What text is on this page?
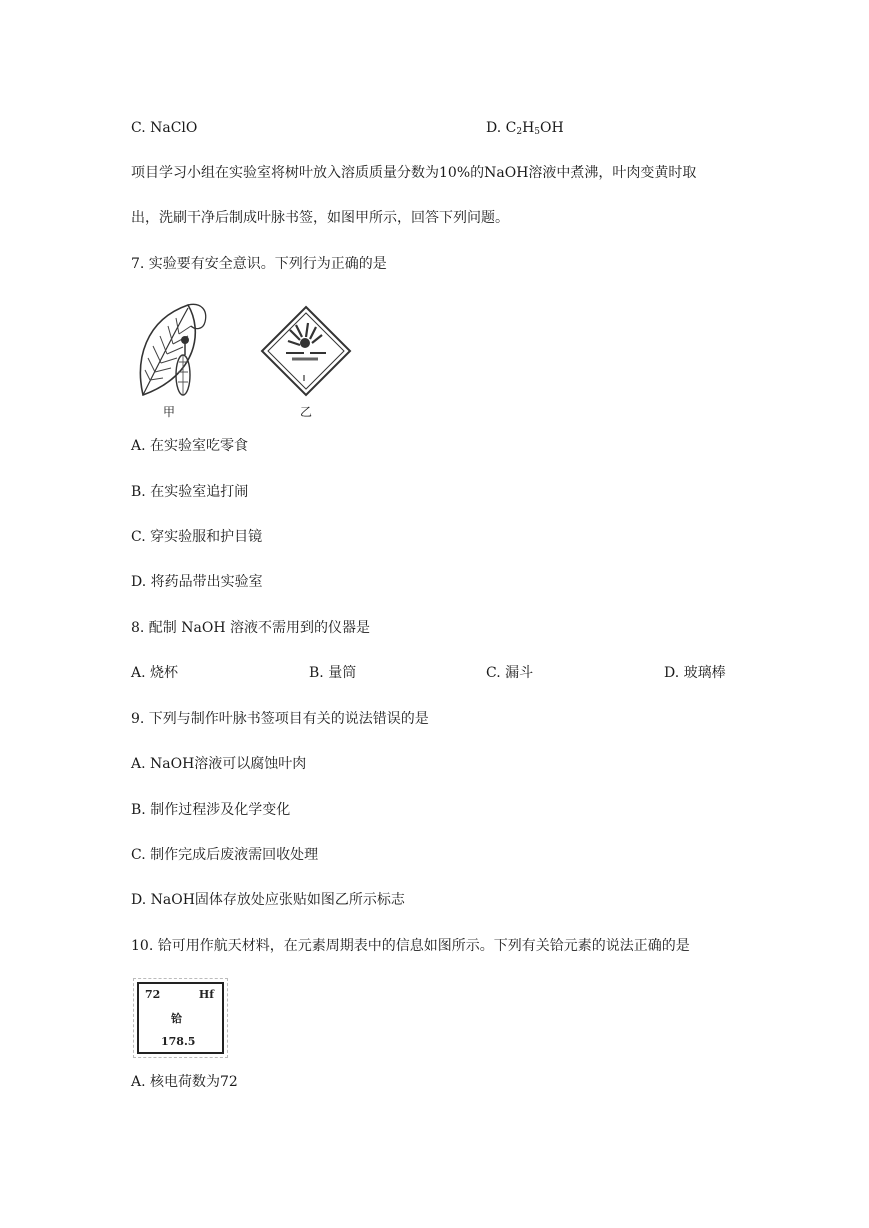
C. NaClO	D. $C_2H_5OH$
项目学习小组在实验室将树叶放入溶质质量分数为10%的NaOH溶液中煮沸，叶肉变黄时取
出，洗刷干净后制成叶脉书签，如图甲所示，回答下列问题。
7. 实验要有安全意识。下列行为正确的是
甲	乙
A. 在实验室吃零食
B. 在实验室追打闹
C. 穿实验服和护目镜
D. 将药品带出实验室
8. 配制 NaOH 溶液不需用到的仪器是
A. 烧杯	B. 量筒	C. 漏斗	D. 玻璃棒
9. 下列与制作叶脉书签项目有关的说法错误的是
A. NaOH溶液可以腐蚀叶肉
B. 制作过程涉及化学变化
C. 制作完成后废液需回收处理
D. NaOH固体存放处应张贴如图乙所示标志
10. 铪可用作航天材料，在元素周期表中的信息如图所示。下列有关铪元素的说法正确的是
72	Hf
铪
178.5
A. 核电荷数为72
